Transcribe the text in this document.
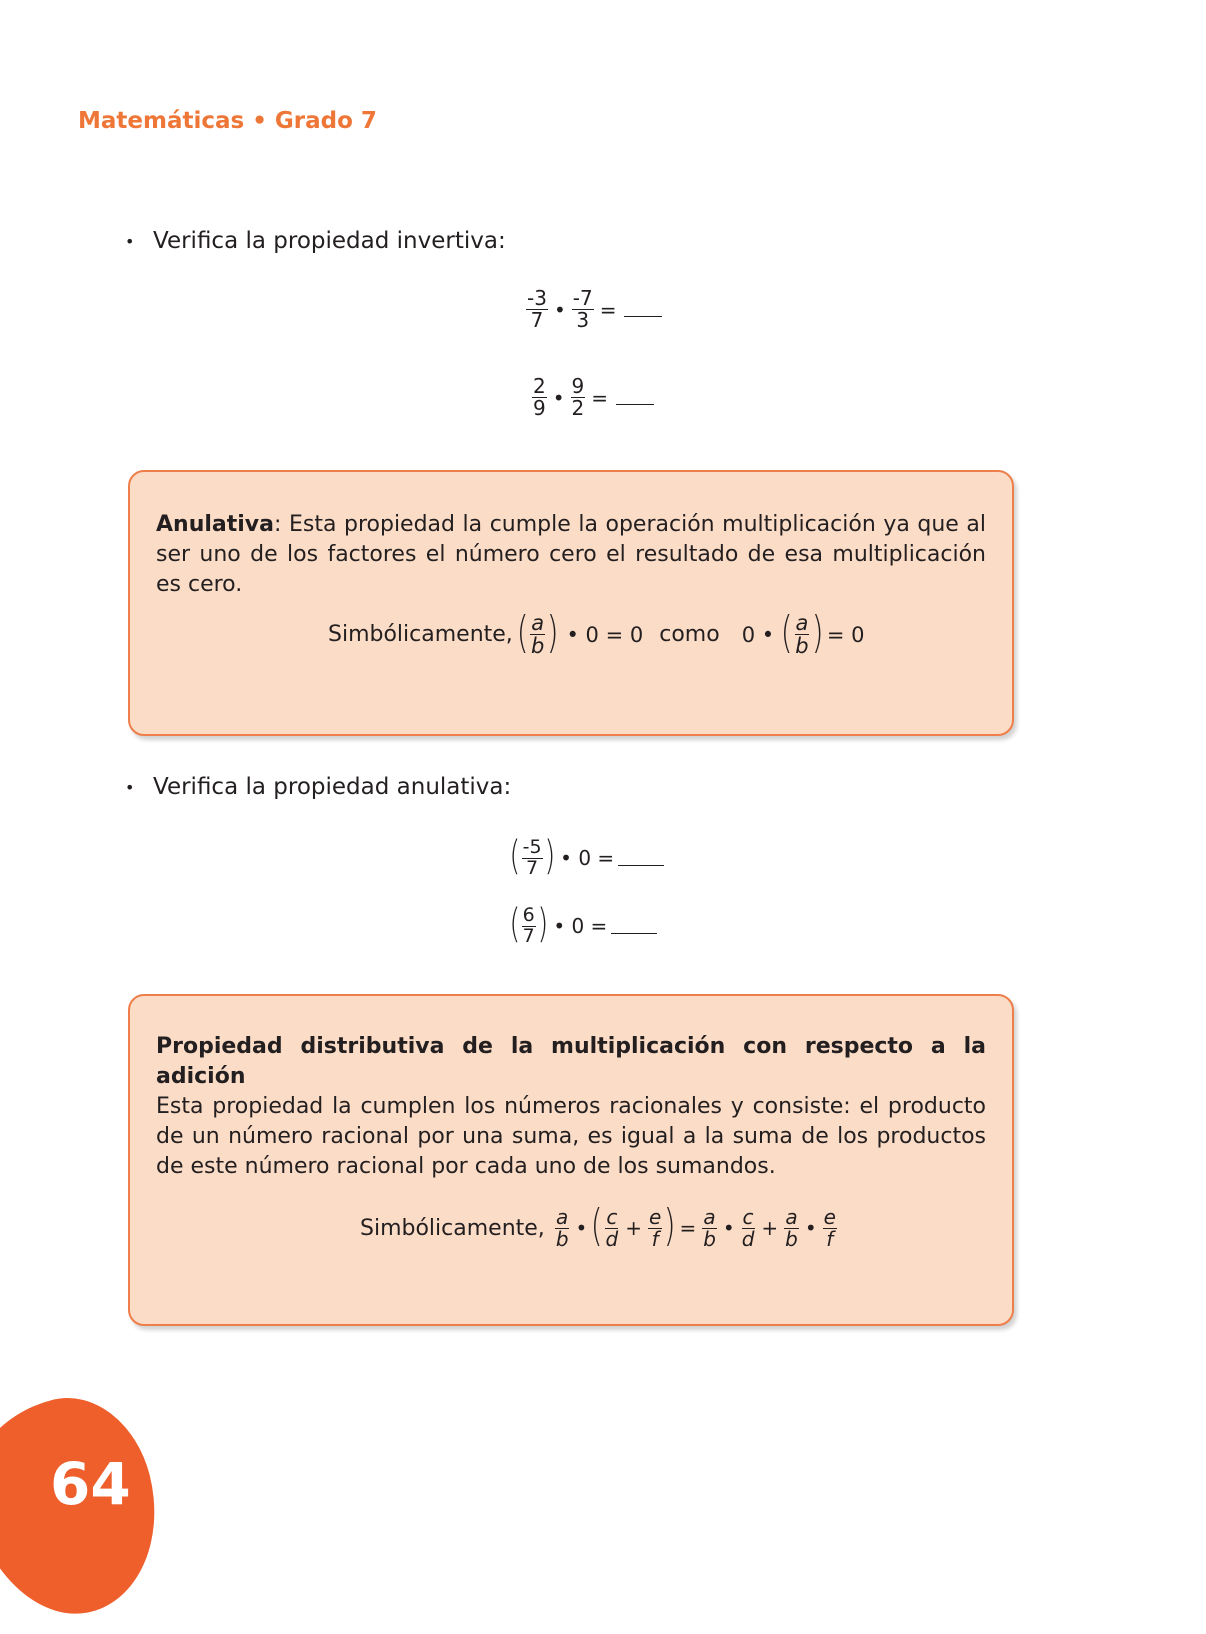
Matemáticas • Grado 7
• Verifica la propiedad invertiva:
$\frac{-3}{7}$ • $\frac{-7}{3}$ =
$\frac{2}{9}$ • $\frac{9}{2}$ =
Anulativa: Esta propiedad la cumple la operación multiplicación ya que al ser uno de los factores el número cero el resultado de esa multiplicación es cero.
Simbólicamente, ( $\frac{a}{b}$ ) • 0 = 0 como 0 • ( $\frac{a}{b}$ ) = 0
• Verifica la propiedad anulativa:
( $\frac{-5}{7}$ ) • 0 =
( $\frac{6}{7}$ ) • 0 =
Propiedad distributiva de la multiplicación con respecto a la adición
Esta propiedad la cumplen los números racionales y consiste: el producto de un número racional por una suma, es igual a la suma de los productos de este número racional por cada uno de los sumandos.
Simbólicamente, $\frac{a}{b}$ • ( $\frac{c}{d} + \frac{e}{f}$ ) = $\frac{a}{b}$ • $\frac{c}{d} + \frac{a}{b}$ • $\frac{e}{f}$
64
